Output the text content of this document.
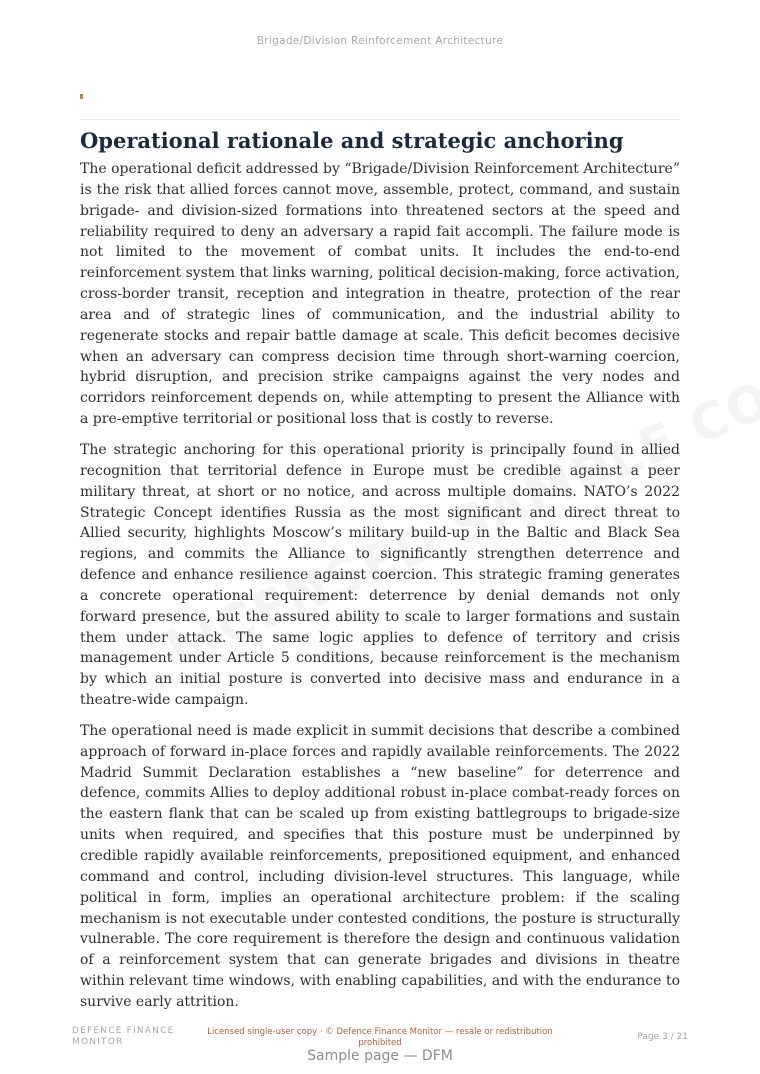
Brigade/Division Reinforcement Architecture
Operational rationale and strategic anchoring

The operational deficit addressed by “Brigade/Division Reinforcement Architecture” is the risk that allied forces cannot move, assemble, protect, command, and sustain brigade- and division-sized formations into threatened sectors at the speed and reliability required to deny an adversary a rapid fait accompli. The failure mode is not limited to the movement of combat units. It includes the end-to-end reinforcement system that links warning, political decision-making, force activation, cross-border transit, reception and integration in theatre, protection of the rear area and of strategic lines of communication, and the industrial ability to regenerate stocks and repair battle damage at scale. This deficit becomes decisive when an adversary can compress decision time through short-warning coercion, hybrid disruption, and precision strike campaigns against the very nodes and corridors reinforcement depends on, while attempting to present the Alliance with a pre-emptive territorial or positional loss that is costly to reverse.

The strategic anchoring for this operational priority is principally found in allied recognition that territorial defence in Europe must be credible against a peer military threat, at short or no notice, and across multiple domains. NATO’s 2022 Strategic Concept identifies Russia as the most significant and direct threat to Allied security, highlights Moscow’s military build-up in the Baltic and Black Sea regions, and commits the Alliance to significantly strengthen deterrence and defence and enhance resilience against coercion. This strategic framing generates a concrete operational requirement: deterrence by denial demands not only forward presence, but the assured ability to scale to larger formations and sustain them under attack. The same logic applies to defence of territory and crisis management under Article 5 conditions, because reinforcement is the mechanism by which an initial posture is converted into decisive mass and endurance in a theatre-wide campaign.

The operational need is made explicit in summit decisions that describe a combined approach of forward in-place forces and rapidly available reinforcements. The 2022 Madrid Summit Declaration establishes a “new baseline” for deterrence and defence, commits Allies to deploy additional robust in-place combat-ready forces on the eastern flank that can be scaled up from existing battlegroups to brigade-size units when required, and specifies that this posture must be underpinned by credible rapidly available reinforcements, prepositioned equipment, and enhanced command and control, including division-level structures. This language, while political in form, implies an operational architecture problem: if the scaling mechanism is not executable under contested conditions, the posture is structurally vulnerable. The core requirement is therefore the design and continuous validation of a reinforcement system that can generate brigades and divisions in theatre within relevant time windows, with enabling capabilities, and with the endurance to survive early attrition.

DEFENCE FINANCE MONITOR
Licensed single-user copy · © Defence Finance Monitor — resale or redistribution prohibited
Page 3 / 21
Sample page — DFM
